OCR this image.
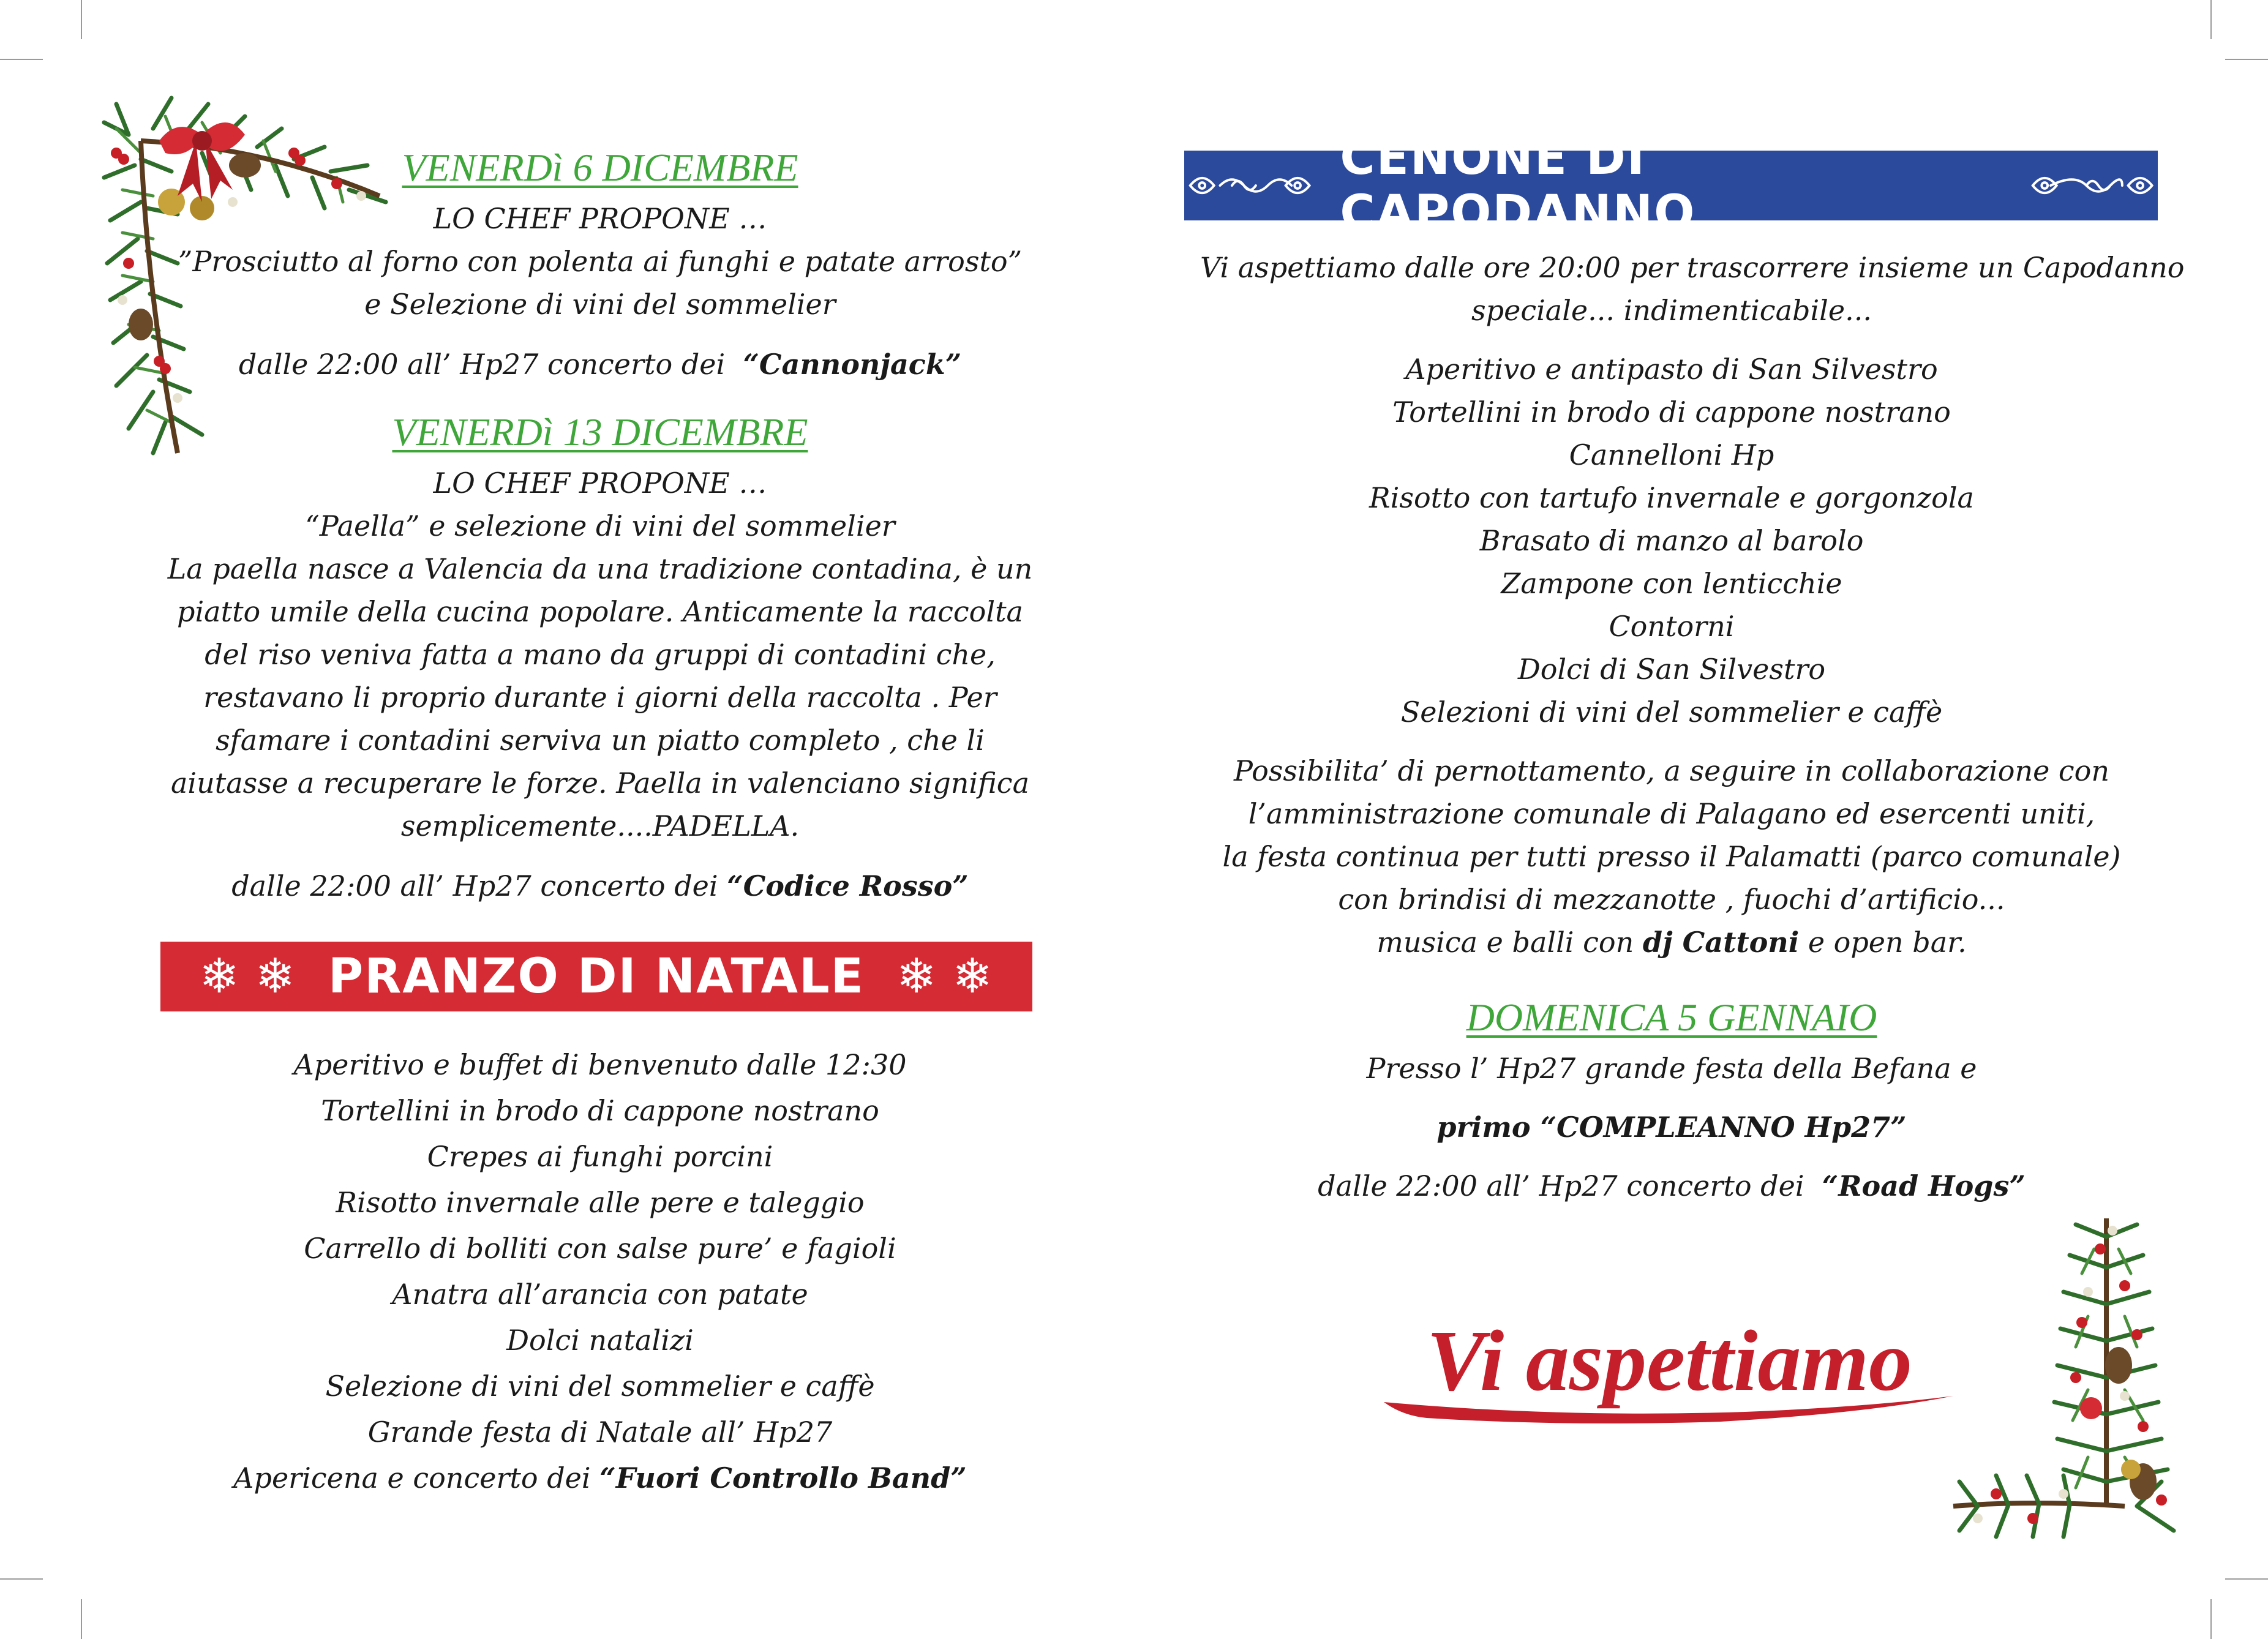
VENERDì 6 DICEMBRE
LO CHEF PROPONE …
”Prosciutto al forno con polenta ai funghi e patate arrosto”
e Selezione di vini del sommelier
dalle 22:00 all’ Hp27 concerto dei “Cannonjack”
VENERDì 13 DICEMBRE
LO CHEF PROPONE …
“Paella” e selezione di vini del sommelier
La paella nasce a Valencia da una tradizione contadina, è un piatto umile della cucina popolare. Anticamente la raccolta del riso veniva fatta a mano da gruppi di contadini che, restavano li proprio durante i giorni della raccolta . Per sfamare i contadini serviva un piatto completo , che li aiutasse a recuperare le forze. Paella in valenciano significa semplicemente....PADELLA.
dalle 22:00 all’ Hp27 concerto dei “Codice Rosso”
❄ ❄ PRANZO DI NATALE ❄ ❄
Aperitivo e buffet di benvenuto dalle 12:30
Tortellini in brodo di cappone nostrano
Crepes ai funghi porcini
Risotto invernale alle pere e taleggio
Carrello di bolliti con salse pure’ e fagioli
Anatra all’arancia con patate
Dolci natalizi
Selezione di vini del sommelier e caffè
Grande festa di Natale all’ Hp27
Apericena e concerto dei “Fuori Controllo Band”
CENONE DI CAPODANNO
Vi aspettiamo dalle ore 20:00 per trascorrere insieme un Capodanno
speciale... indimenticabile...
Aperitivo e antipasto di San Silvestro
Tortellini in brodo di cappone nostrano
Cannelloni Hp
Risotto con tartufo invernale e gorgonzola
Brasato di manzo al barolo
Zampone con lenticchie
Contorni
Dolci di San Silvestro
Selezioni di vini del sommelier e caffè
Possibilita’ di pernottamento, a seguire in collaborazione con
l’amministrazione comunale di Palagano ed esercenti uniti,
la festa continua per tutti presso il Palamatti (parco comunale)
con brindisi di mezzanotte , fuochi d’artificio...
musica e balli con dj Cattoni e open bar.
DOMENICA 5 GENNAIO
Presso l’ Hp27 grande festa della Befana e
primo “COMPLEANNO Hp27”
dalle 22:00 all’ Hp27 concerto dei “Road Hogs”
Vi aspettiamo
